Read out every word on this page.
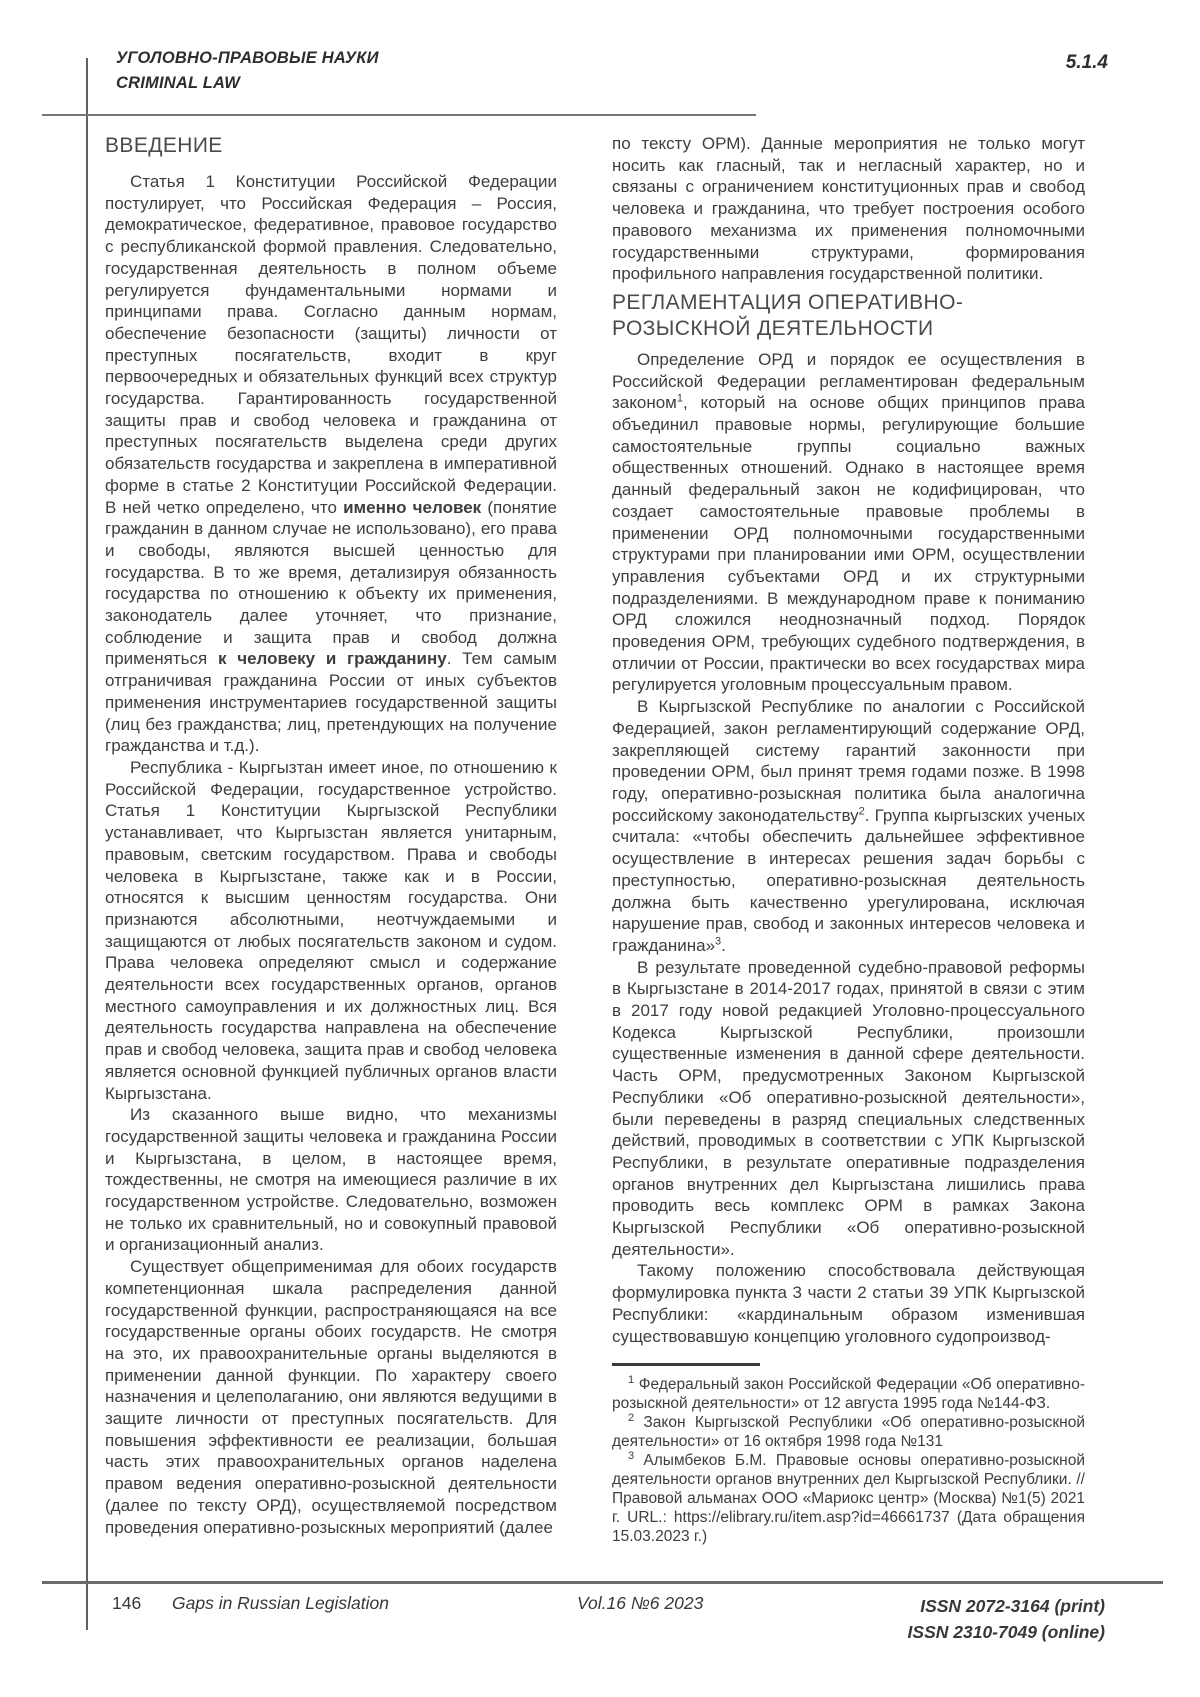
УГОЛОВНО-ПРАВОВЫЕ НАУКИ
CRIMINAL LAW
5.1.4
ВВЕДЕНИЕ

Статья 1 Конституции Российской Федерации постулирует, что Российская Федерация – Россия, демократическое, федеративное, правовое государство с республиканской формой правления. Следовательно, государственная деятельность в полном объеме регулируется фундаментальными нормами и принципами права. Согласно данным нормам, обеспечение безопасности (защиты) личности от преступных посягательств, входит в круг первоочередных и обязательных функций всех структур государства. Гарантированность государственной защиты прав и свобод человека и гражданина от преступных посягательств выделена среди других обязательств государства и закреплена в императивной форме в статье 2 Конституции Российской Федерации. В ней четко определено, что именно человек (понятие гражданин в данном случае не использовано), его права и свободы, являются высшей ценностью для государства. В то же время, детализируя обязанность государства по отношению к объекту их применения, законодатель далее уточняет, что признание, соблюдение и защита прав и свобод должна применяться к человеку и гражданину. Тем самым отграничивая гражданина России от иных субъектов применения инструментариев государственной защиты (лиц без гражданства; лиц, претендующих на получение гражданства и т.д.).

Республика - Кыргызтан имеет иное, по отношению к Российской Федерации, государственное устройство. Статья 1 Конституции Кыргызской Республики устанавливает, что Кыргызстан является унитарным, правовым, светским государством. Права и свободы человека в Кыргызстане, также как и в России, относятся к высшим ценностям государства. Они признаются абсолютными, неотчуждаемыми и защищаются от любых посягательств законом и судом. Права человека определяют смысл и содержание деятельности всех государственных органов, органов местного самоуправления и их должностных лиц. Вся деятельность государства направлена на обеспечение прав и свобод человека, защита прав и свобод человека является основной функцией публичных органов власти Кыргызстана.

Из сказанного выше видно, что механизмы государственной защиты человека и гражданина России и Кыргызстана, в целом, в настоящее время, тождественны, не смотря на имеющиеся различие в их государственном устройстве. Следовательно, возможен не только их сравнительный, но и совокупный правовой и организационный анализ.

Существует общеприменимая для обоих государств компетенционная шкала распределения данной государственной функции, распространяющаяся на все государственные органы обоих государств. Не смотря на это, их правоохранительные органы выделяются в применении данной функции. По характеру своего назначения и целеполаганию, они являются ведущими в защите личности от преступных посягательств. Для повышения эффективности ее реализации, большая часть этих правоохранительных органов наделена правом ведения оперативно-розыскной деятельности (далее по тексту ОРД), осуществляемой посредством проведения оперативно-розыскных мероприятий (далее

по тексту ОРМ). Данные мероприятия не только могут носить как гласный, так и негласный характер, но и связаны с ограничением конституционных прав и свобод человека и гражданина, что требует построения особого правового механизма их применения полномочными государственными структурами, формирования профильного направления государственной политики.

РЕГЛАМЕНТАЦИЯ ОПЕРАТИВНО-РОЗЫСКНОЙ ДЕЯТЕЛЬНОСТИ

Определение ОРД и порядок ее осуществления в Российской Федерации регламентирован федеральным законом$^1$, который на основе общих принципов права объединил правовые нормы, регулирующие большие самостоятельные группы социально важных общественных отношений. Однако в настоящее время данный федеральный закон не кодифицирован, что создает самостоятельные правовые проблемы в применении ОРД полномочными государственными структурами при планировании ими ОРМ, осуществлении управления субъектами ОРД и их структурными подразделениями. В международном праве к пониманию ОРД сложился неоднозначный подход. Порядок проведения ОРМ, требующих судебного подтверждения, в отличии от России, практически во всех государствах мира регулируется уголовным процессуальным правом.

В Кыргызской Республике по аналогии с Российской Федерацией, закон регламентирующий содержание ОРД, закрепляющей систему гарантий законности при проведении ОРМ, был принят тремя годами позже. В 1998 году, оперативно-розыскная политика была аналогична российскому законодательству$^2$. Группа кыргызских ученых считала: «чтобы обеспечить дальнейшее эффективное осуществление в интересах решения задач борьбы с преступностью, оперативно-розыскная деятельность должна быть качественно урегулирована, исключая нарушение прав, свобод и законных интересов человека и гражданина»$^3$.

В результате проведенной судебно-правовой реформы в Кыргызстане в 2014-2017 годах, принятой в связи с этим в 2017 году новой редакцией Уголовно-процессуального Кодекса Кыргызской Республики, произошли существенные изменения в данной сфере деятельности. Часть ОРМ, предусмотренных Законом Кыргызской Республики «Об оперативно-розыскной деятельности», были переведены в разряд специальных следственных действий, проводимых в соответствии с УПК Кыргызской Республики, в результате оперативные подразделения органов внутренних дел Кыргызстана лишились права проводить весь комплекс ОРМ в рамках Закона Кыргызской Республики «Об оперативно-розыскной деятельности».

Такому положению способствовала действующая формулировка пункта 3 части 2 статьи 39 УПК Кыргызской Республики: «кардинальным образом изменившая существовавшую концепцию уголовного судопроизвод-

$^1$ Федеральный закон Российской Федерации «Об оперативно-розыскной деятельности» от 12 августа 1995 года №144-ФЗ.

$^2$ Закон Кыргызской Республики «Об оперативно-розыскной деятельности» от 16 октября 1998 года №131

$^3$ Алымбеков Б.М. Правовые основы оперативно-розыскной деятельности органов внутренних дел Кыргызской Республики. //Правовой альманах ООО «Мариокс центр» (Москва) №1(5) 2021 г. URL.: https://elibrary.ru/item.asp?id=46661737 (Дата обращения 15.03.2023 г.)

146 Gaps in Russian Legislation	Vol.16 №6 2023	ISSN 2072-3164 (print)
ISSN 2310-7049 (online)
